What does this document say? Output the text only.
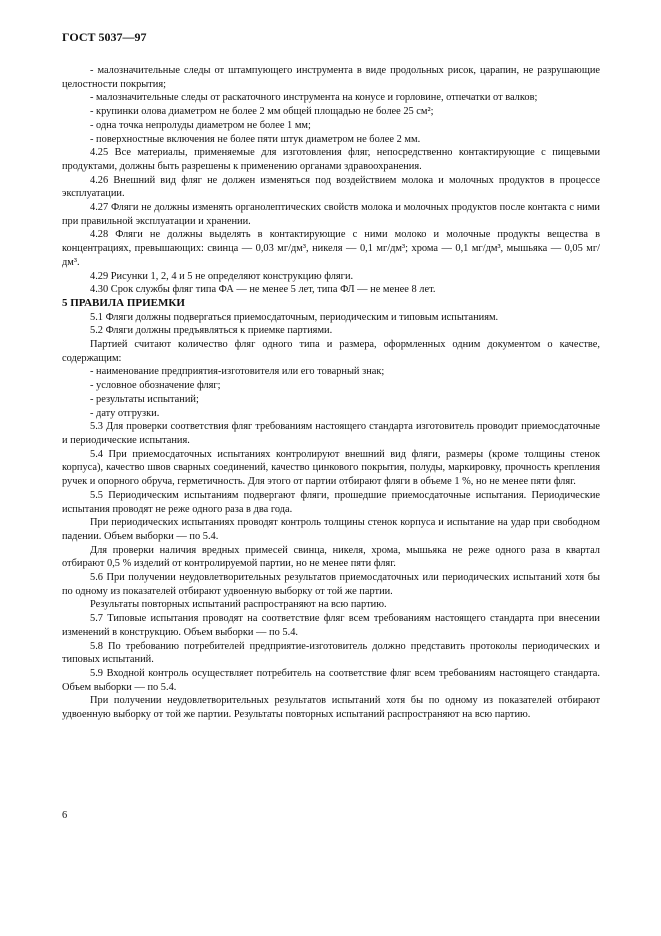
ГОСТ 5037—97

- малозначительные следы от штампующего инструмента в виде продольных рисок, царапин, не разрушающие целостности покрытия;

- малозначительные следы от раскаточного инструмента на конусе и горловине, отпечатки от валков;

- крупинки олова диаметром не более 2 мм общей площадью не более 25 см²;

- одна точка непролуды диаметром не более 1 мм;

- поверхностные включения не более пяти штук диаметром не более 2 мм.

4.25 Все материалы, применяемые для изготовления фляг, непосредственно контактирующие с пищевыми продуктами, должны быть разрешены к применению органами здравоохранения.

4.26 Внешний вид фляг не должен изменяться под воздействием молока и молочных продуктов в процессе эксплуатации.

4.27 Фляги не должны изменять органолептических свойств молока и молочных продуктов после контакта с ними при правильной эксплуатации и хранении.

4.28 Фляги не должны выделять в контактирующие с ними молоко и молочные продукты вещества в концентрациях, превышающих: свинца — 0,03 мг/дм³, никеля — 0,1 мг/дм³; хрома — 0,1 мг/дм³, мышьяка — 0,05 мг/дм³.

4.29 Рисунки 1, 2, 4 и 5 не определяют конструкцию фляги.

4.30 Срок службы фляг типа ФА — не менее 5 лет, типа ФЛ — не менее 8 лет.

5 ПРАВИЛА ПРИЕМКИ

5.1 Фляги должны подвергаться приемосдаточным, периодическим и типовым испытаниям.

5.2 Фляги должны предъявляться к приемке партиями.

Партией считают количество фляг одного типа и размера, оформленных одним документом о качестве, содержащим:

- наименование предприятия-изготовителя или его товарный знак;

- условное обозначение фляг;

- результаты испытаний;

- дату отгрузки.

5.3 Для проверки соответствия фляг требованиям настоящего стандарта изготовитель проводит приемосдаточные и периодические испытания.

5.4 При приемосдаточных испытаниях контролируют внешний вид фляги, размеры (кроме толщины стенок корпуса), качество швов сварных соединений, качество цинкового покрытия, полуды, маркировку, прочность крепления ручек и опорного обруча, герметичность. Для этого от партии отбирают фляги в объеме 1 %, но не менее пяти фляг.

5.5 Периодическим испытаниям подвергают фляги, прошедшие приемосдаточные испытания. Периодические испытания проводят не реже одного раза в два года.

При периодических испытаниях проводят контроль толщины стенок корпуса и испытание на удар при свободном падении. Объем выборки — по 5.4.

Для проверки наличия вредных примесей свинца, никеля, хрома, мышьяка не реже одного раза в квартал отбирают 0,5 % изделий от контролируемой партии, но не менее пяти фляг.

5.6 При получении неудовлетворительных результатов приемосдаточных или периодических испытаний хотя бы по одному из показателей отбирают удвоенную выборку от той же партии.

Результаты повторных испытаний распространяют на всю партию.

5.7 Типовые испытания проводят на соответствие фляг всем требованиям настоящего стандарта при внесении изменений в конструкцию. Объем выборки — по 5.4.

5.8 По требованию потребителей предприятие-изготовитель должно представить протоколы периодических и типовых испытаний.

5.9 Входной контроль осуществляет потребитель на соответствие фляг всем требованиям настоящего стандарта. Объем выборки — по 5.4.

При получении неудовлетворительных результатов испытаний хотя бы по одному из показателей отбирают удвоенную выборку от той же партии. Результаты повторных испытаний распространяют на всю партию.

6
